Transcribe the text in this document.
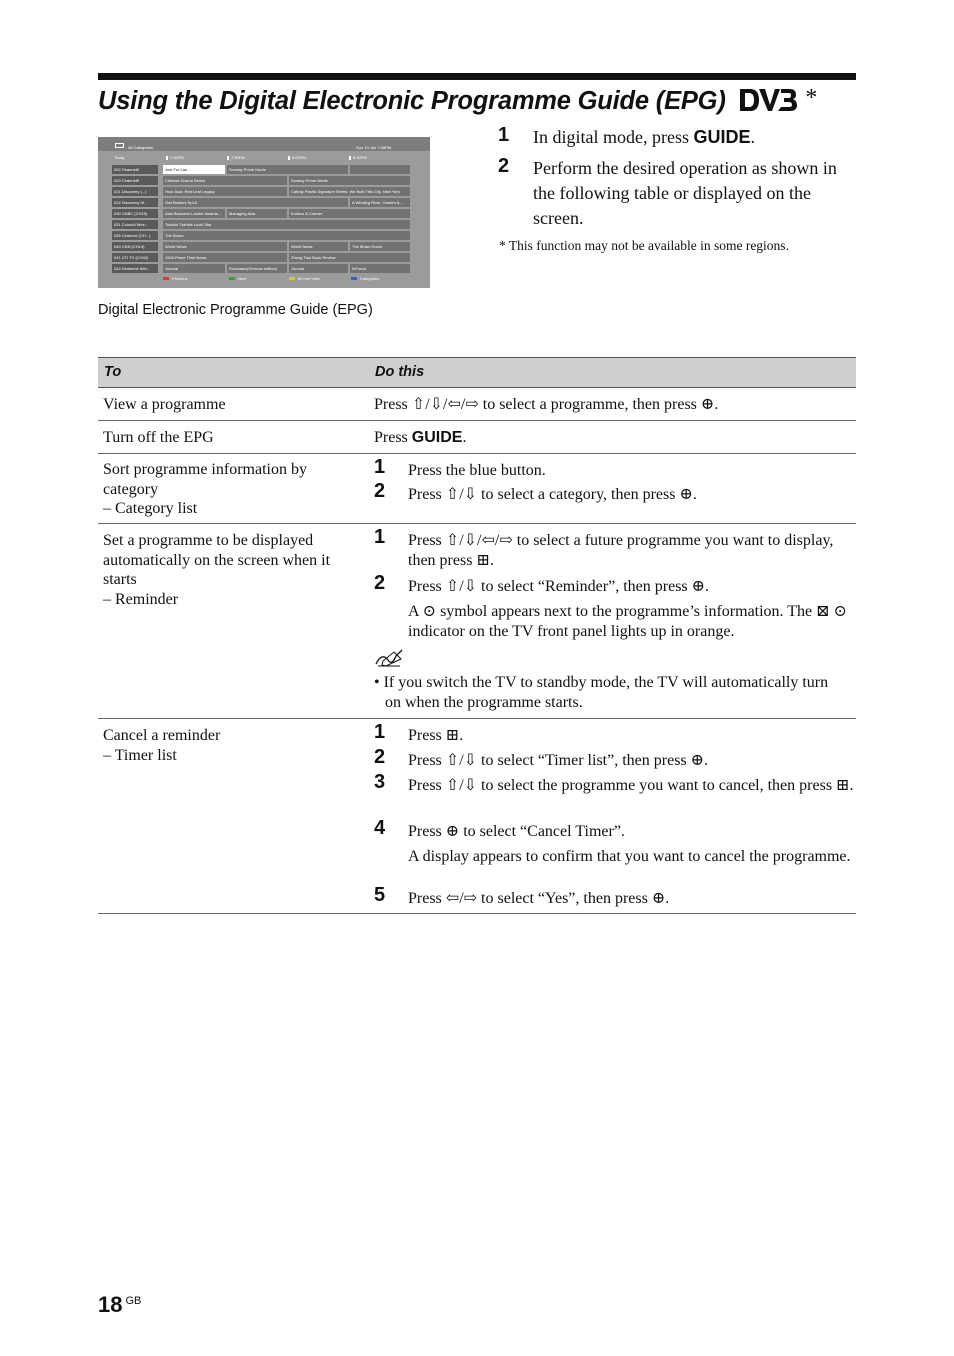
Using the Digital Electronic Programme Guide (EPG)	*
All Categories	Sun 13 Jun 7:06PM
Today	7:00PM	7:30PM	8:00PM	8:30PM
002 Channel8	Just For Lau...	Sunday Prime Movie
020 Channel8	Chinese Drama Series	Sunday Prime Movie
021 Discovery (...)	Hour Asia: Red Leaf Legacy	Cathay Pacific Signature Series: We Built This City, New York
022 Discovery Hi...	Owl Busters Ep16	A Winding River, Garden &...
030 CNBC (CH15)	Asia Business Leader Awards...	Managing Asia	Kudlow & Cramer
031 Colorful Wee...	Twinkle Twinkle Lucki Star
035 Cinemax (CH...)	The Bourn
040 CNN (CH14)	World News	World News	The Music Room
041 CTI TV (CH42)	1900 Prime Time News	Zhong Tian Book Review
042 Deutsche Wel...	Journal	Euromaxx(German edition)	Journal	InFocus
Previous	Next	60 min View	Categories
Digital Electronic Programme Guide (EPG)
1 In digital mode, press GUIDE.
2 Perform the desired operation as shown in the following table or displayed on the screen.
* This function may not be available in some regions.
To	Do this
View a programme	Press ⇧/⇩/⇦/⇨ to select a programme, then press ⊕.
Turn off the EPG	Press GUIDE.
Sort programme information by category
– Category list
1 Press the blue button.
2 Press ⇧/⇩ to select a category, then press ⊕.
Set a programme to be displayed automatically on the screen when it starts
– Reminder
1 Press ⇧/⇩/⇦/⇨ to select a future programme you want to display, then press ⊞.
2 Press ⇧/⇩ to select “Reminder”, then press ⊕.
A ⊙ symbol appears next to the programme’s information. The ⊠ ⊙ indicator on the TV front panel lights up in orange.
• If you switch the TV to standby mode, the TV will automatically turn on when the programme starts.
Cancel a reminder
– Timer list
1 Press ⊞.
2 Press ⇧/⇩ to select “Timer list”, then press ⊕.
3 Press ⇧/⇩ to select the programme you want to cancel, then press ⊞.
4 Press ⊕ to select “Cancel Timer”.
A display appears to confirm that you want to cancel the programme.
5 Press ⇦/⇨ to select “Yes”, then press ⊕.
18 $^{GB}$
